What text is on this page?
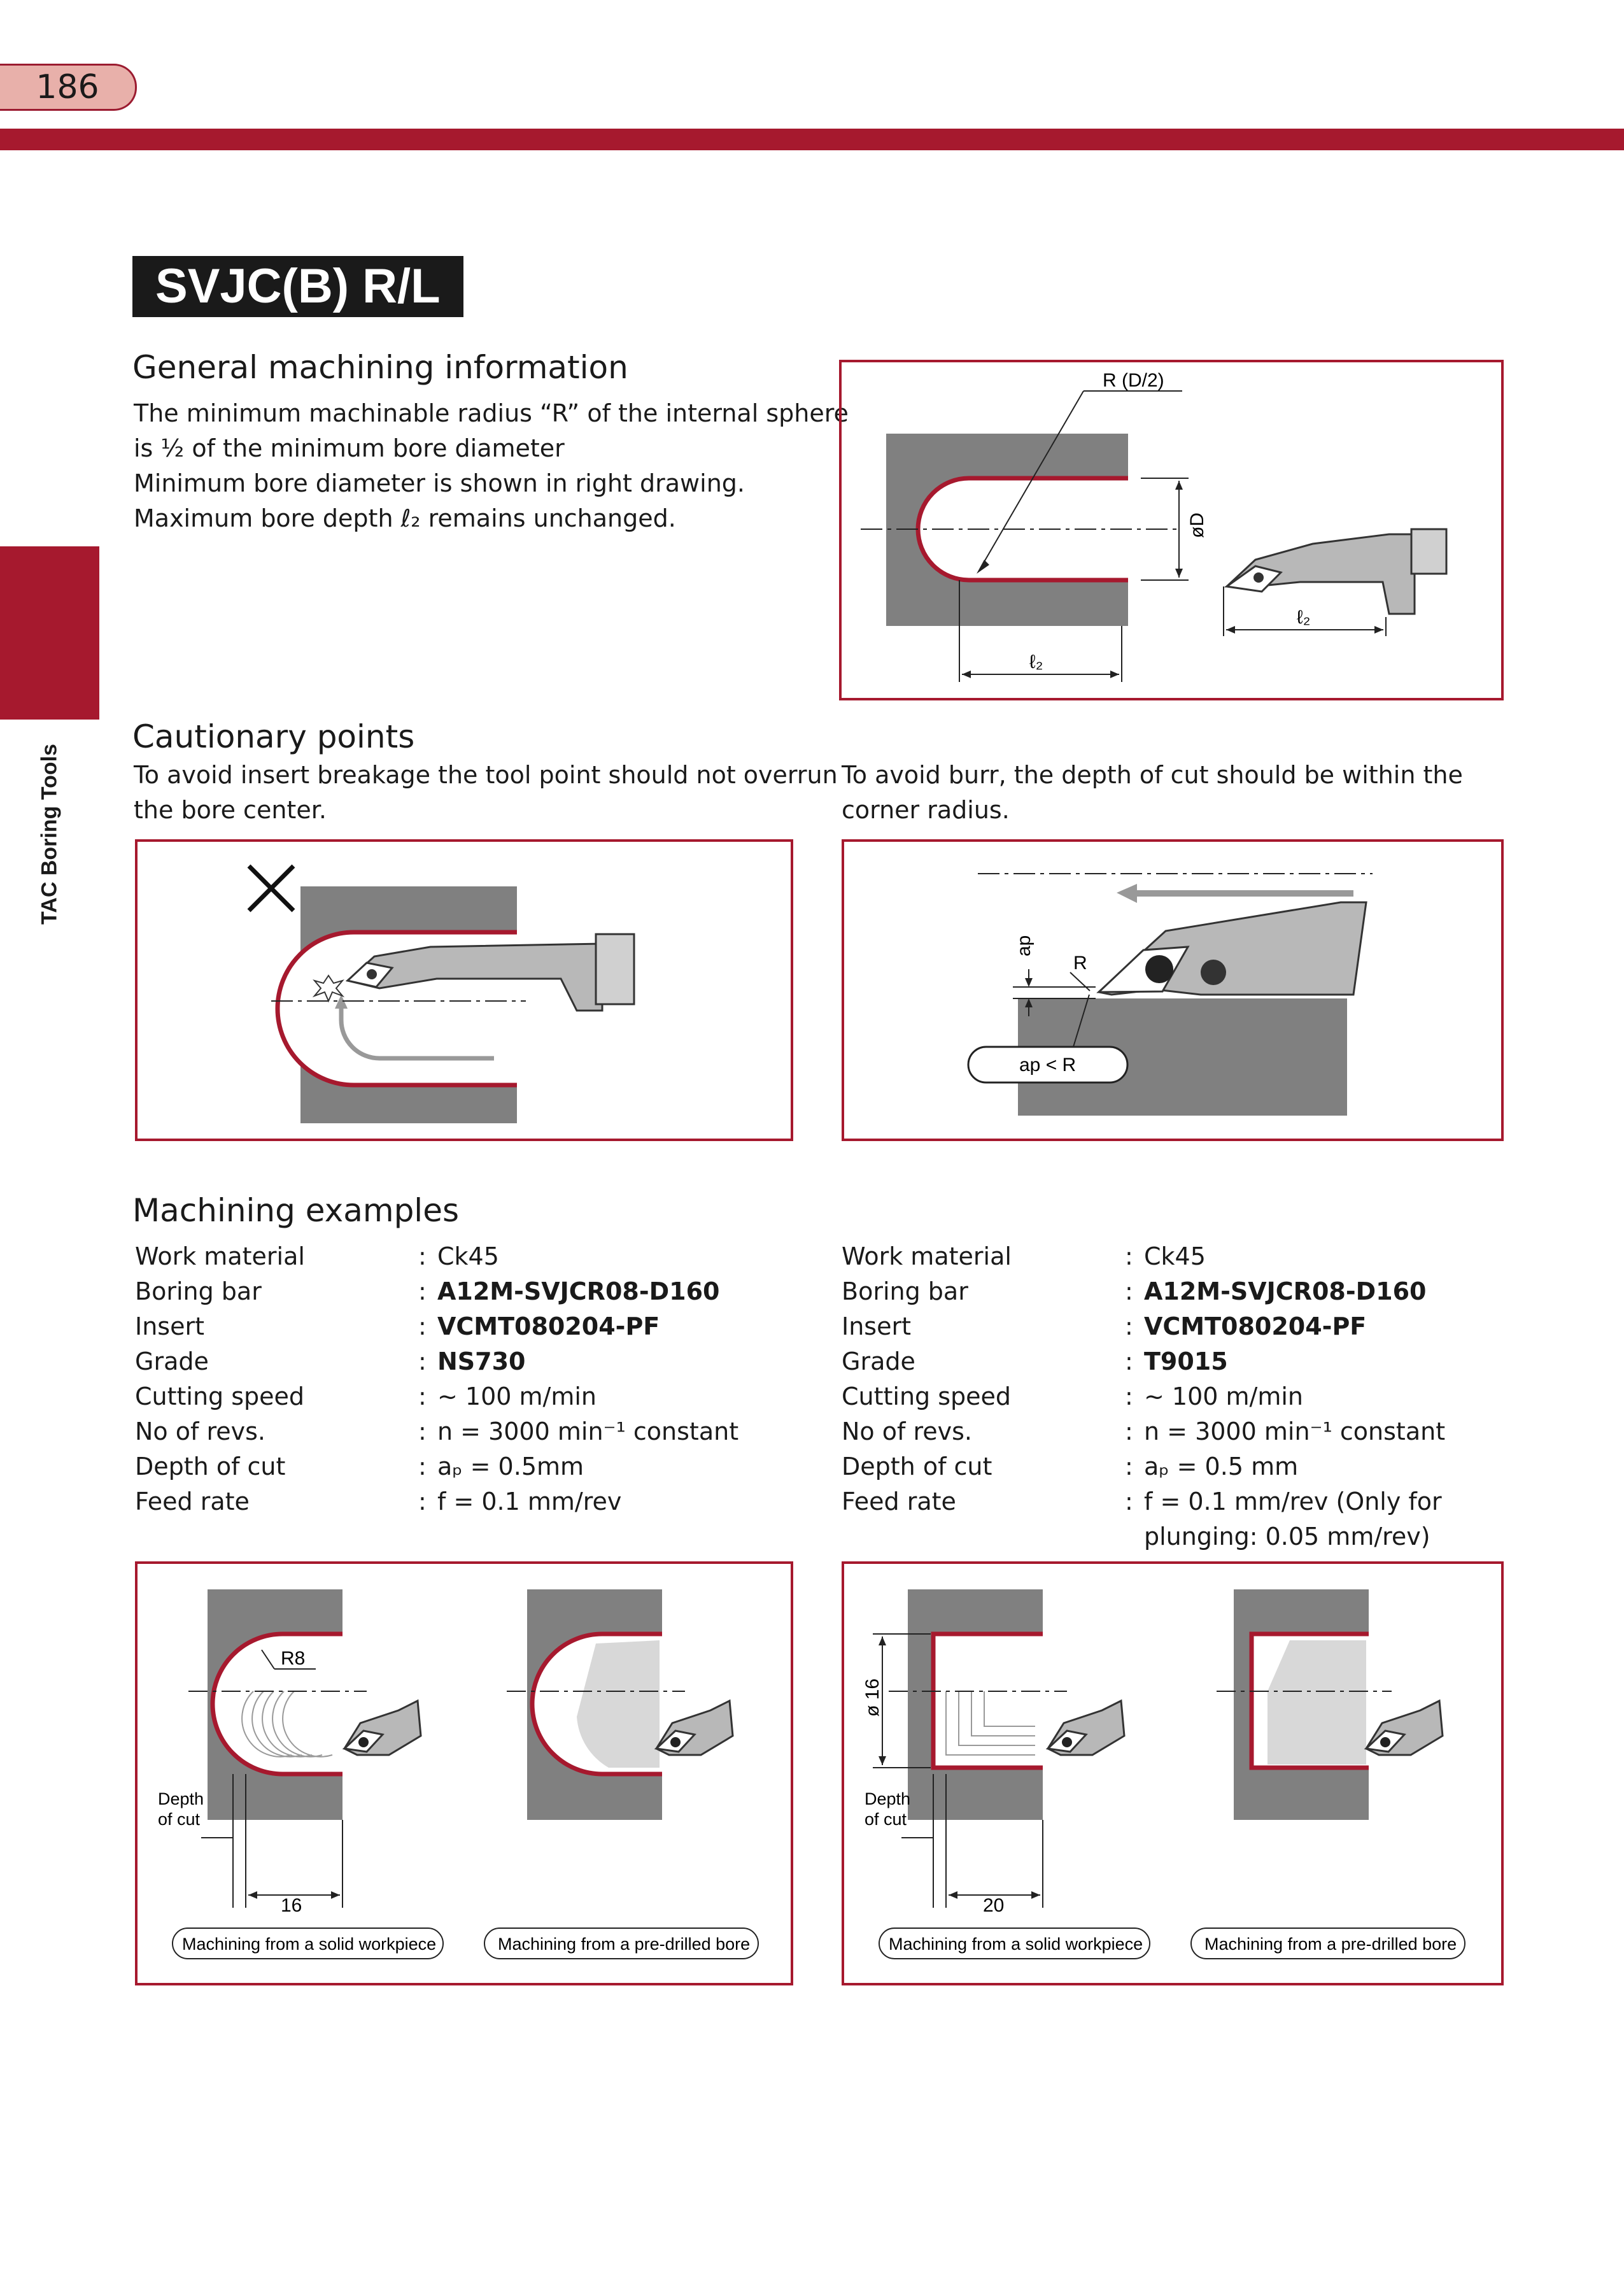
186
TAC Boring Tools
SVJC(B) R/L
General machining information
The minimum machinable radius “R” of the internal sphere
is ½ of the minimum bore diameter
Minimum bore diameter is shown in right drawing.
Maximum bore depth ℓ₂ remains unchanged.
R (D/2)
øD
ℓ₂
ℓ₂
Cautionary points
To avoid insert breakage the tool point should not overrun
the bore center.
To avoid burr, the depth of cut should be within the
corner radius.
ap
R
ap < R
Machining examples
Work material	: Ck45
Boring bar	: A12M-SVJCR08-D160
Insert	: VCMT080204-PF
Grade	: NS730
Cutting speed	: ~ 100 m/min
No of revs.	: n = 3000 min⁻¹ constant
Depth of cut	: aₚ = 0.5mm
Feed rate	: f = 0.1 mm/rev
Work material	: Ck45
Boring bar	: A12M-SVJCR08-D160
Insert	: VCMT080204-PF
Grade	: T9015
Cutting speed	: ~ 100 m/min
No of revs.	: n = 3000 min⁻¹ constant
Depth of cut	: aₚ = 0.5 mm
Feed rate	: f = 0.1 mm/rev (Only for
plunging: 0.05 mm/rev)
R8
Depth
of cut
16
Machining from a solid workpiece	Machining from a pre-drilled bore
ø 16
Depth
of cut
20
Machining from a solid workpiece	Machining from a pre-drilled bore
